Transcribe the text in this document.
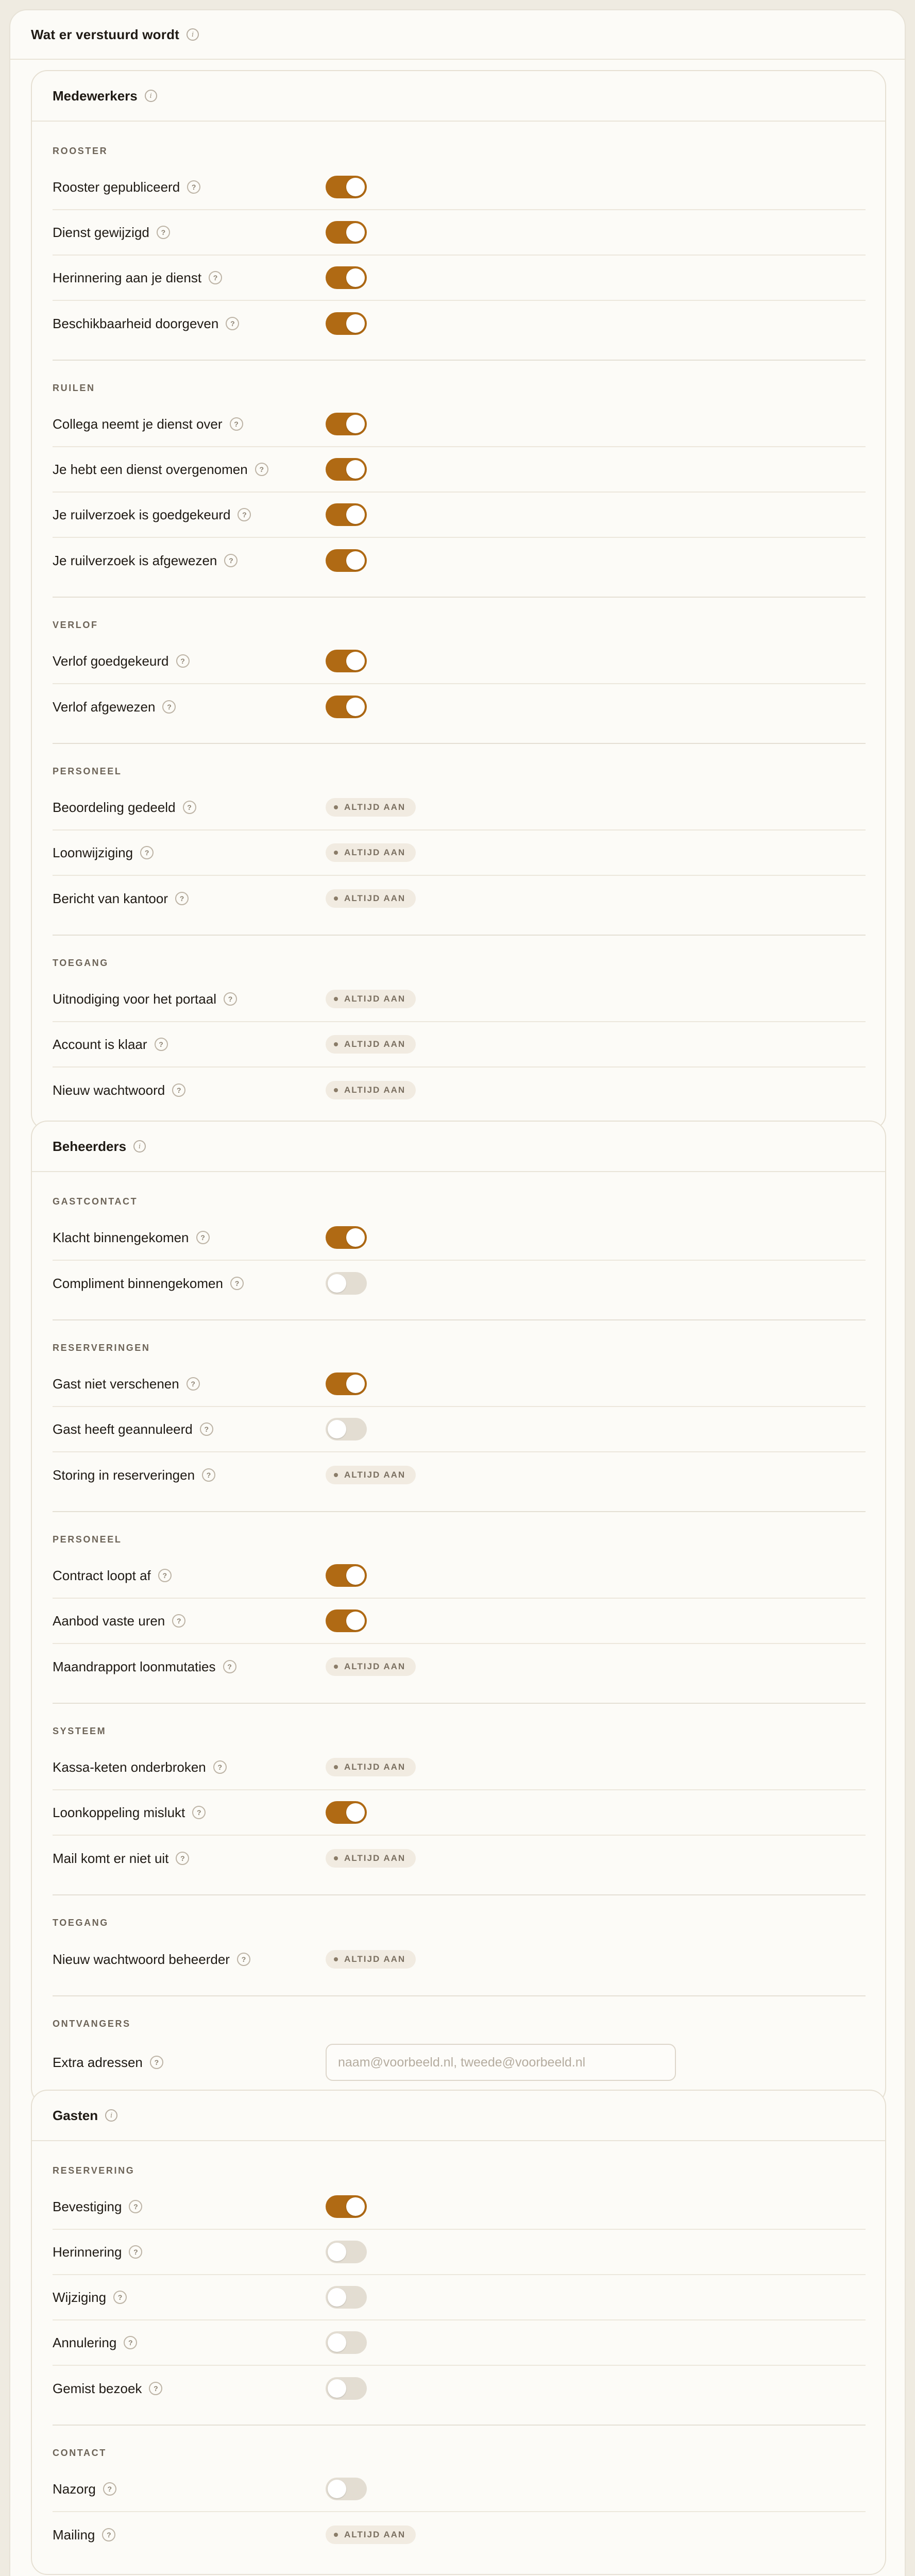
Wat er verstuurd wordt	i
Medewerkers	i
ROOSTER
Rooster gepubliceerd	?
Dienst gewijzigd	?
Herinnering aan je dienst	?
Beschikbaarheid doorgeven	?
RUILEN
Collega neemt je dienst over	?
Je hebt een dienst overgenomen	?
Je ruilverzoek is goedgekeurd	?
Je ruilverzoek is afgewezen	?
VERLOF
Verlof goedgekeurd	?
Verlof afgewezen	?
PERSONEEL
Beoordeling gedeeld	?	ALTIJD AAN
Loonwijziging	?	ALTIJD AAN
Bericht van kantoor	?	ALTIJD AAN
TOEGANG
Uitnodiging voor het portaal	?	ALTIJD AAN
Account is klaar	?	ALTIJD AAN
Nieuw wachtwoord	?	ALTIJD AAN
Beheerders	i
GASTCONTACT
Klacht binnengekomen	?
Compliment binnengekomen	?
RESERVERINGEN
Gast niet verschenen	?
Gast heeft geannuleerd	?
Storing in reserveringen	?	ALTIJD AAN
PERSONEEL
Contract loopt af	?
Aanbod vaste uren	?
Maandrapport loonmutaties	?	ALTIJD AAN
SYSTEEM
Kassa-keten onderbroken	?	ALTIJD AAN
Loonkoppeling mislukt	?
Mail komt er niet uit	?	ALTIJD AAN
TOEGANG
Nieuw wachtwoord beheerder	?	ALTIJD AAN
ONTVANGERS
Extra adressen	?
naam@voorbeeld.nl, tweede@voorbeeld.nl
Gasten	i
RESERVERING
Bevestiging	?
Herinnering	?
Wijziging	?
Annulering	?
Gemist bezoek	?
CONTACT
Nazorg	?
Mailing	?	ALTIJD AAN
